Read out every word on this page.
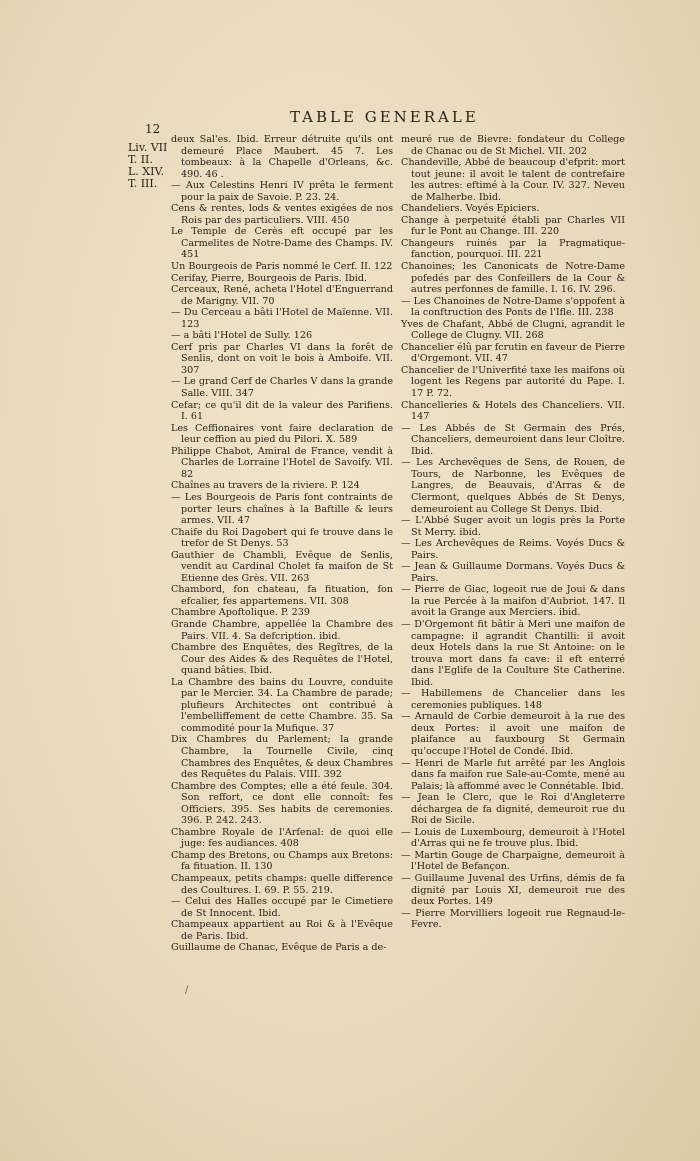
12
TABLE GENERALE
Liv. VII
T. II.
L. XIV.
T. III.

deux Sal'es. Ibid. Erreur détruite qu'ils ont demeuré Place Maubert. 45 7. Les tombeaux: à la Chapelle d'Orleans, &c. 490. 46 .

— Aux Celestins Henri IV prêta le ferment pour la paix de Savoie. P. 23. 24.

Cens & rentes, lods & ventes exigées de nos Rois par des particuliers. VIII. 450

Le Temple de Cerès eft occupé par les Carmelites de Notre-Dame des Champs. IV. 451

Un Bourgeois de Paris nommé le Cerf. II. 122

Cerifay, Pierre, Bourgeois de Paris. Ibid.

Cerceaux, René, acheta l'Hotel d'Enguerrand de Marigny. VII. 70

— Du Cerceau a bâti l'Hotel de Maïenne. VII. 123

— a bâti l'Hotel de Sully. 126

Cerf pris par Charles VI dans la forêt de Senlis, dont on voit le bois à Amboife. VII. 307

— Le grand Cerf de Charles V dans la grande Salle. VIII. 347

Cefar; ce qu'il dit de la valeur des Parifiens. I. 61

Les Ceffionaires vont faire declaration de leur ceffion au pied du Pilori. X. 589

Philippe Chabot, Amiral de France, vendit à Charles de Lorraine l'Hotel de Savoify. VII. 82

Chaînes au travers de la riviere. P. 124

— Les Bourgeois de Paris font contraints de porter leurs chaînes à la Baftille & leurs armes. VII. 47

Chaife du Roi Dagobert qui fe trouve dans le trefor de St Denys. 53

Gauthier de Chambli, Evêque de Senlis, vendit au Cardinal Cholet fa maifon de St Etienne des Grès. VII. 263

Chambord, fon chateau, fa fituation, fon efcalier, fes appartemens. VII. 308

Chambre Apoftolique. P. 239

Grande Chambre, appellée la Chambre des Pairs. VII. 4. Sa defcription. ibid.

Chambre des Enquêtes, des Regîtres, de la Cour des Aides & des Requêtes de l'Hotel, quand bâties. Ibid.

La Chambre des bains du Louvre, conduite par le Mercier. 34. La Chambre de parade; plufieurs Architectes ont contribué à l'embelliffement de cette Chambre. 35. Sa commodité pour la Mufique. 37

Dix Chambres du Parlement; la grande Chambre, la Tournelle Civile, cinq Chambres des Enquêtes, & deux Chambres des Requêtes du Palais. VIII. 392

Chambre des Comptes; elle a été feule. 304. Son reffort, ce dont elle connoît: fes Officiers. 395. Ses habits de ceremonies. 396. P. 242. 243.

Chambre Royale de l'Arfenal: de quoi elle juge: fes audiances. 408

Champ des Bretons, ou Champs aux Bretons: fa fituation. II. 130

Champeaux, petits champs: quelle difference des Coultures. I. 69. P. 55. 219.

— Celui des Halles occupé par le Cimetiere de St Innocent. Ibid.

Champeaux appartient au Roi & à l'Evêque de Paris. Ibid.

Guillaume de Chanac, Evêque de Paris a de-

meuré rue de Bievre: fondateur du College de Chanac ou de St Michel. VII. 202

Chandeville, Abbé de beaucoup d'efprit: mort tout jeune: il avoit le talent de contrefaire les autres: eftimé à la Cour. IV. 327. Neveu de Malherbe. Ibid.

Chandeliers. Voyés Epiciers.

Change à perpetuité établi par Charles VII fur le Pont au Change. III. 220

Changeurs ruinés par la Pragmatique-fanction, pourquoi. III. 221

Chanoines; les Canonicats de Notre-Dame pofedés par des Confeillers de la Cour & autres perfonnes de famille. I. 16. IV. 296.

— Les Chanoines de Notre-Dame s'oppofent à la conftruction des Ponts de l'Ifle. III. 238

Yves de Chafant, Abbé de Clugni, agrandit le College de Clugny. VII. 268

Chancelier élû par fcrutin en faveur de Pierre d'Orgemont. VII. 47

Chancelier de l'Univerfité taxe les maifons où logent les Regens par autorité du Pape. I. 17 P. 72.

Chancelleries & Hotels des Chanceliers. VII. 147

— Les Abbés de St Germain des Prés, Chanceliers, demeuroient dans leur Cloître. Ibid.

— Les Archevêques de Sens, de Rouen, de Tours, de Narbonne, les Evêques de Langres, de Beauvais, d'Arras & de Clermont, quelques Abbés de St Denys, demeuroient au College St Denys. Ibid.

— L'Abbé Suger avoit un logis près la Porte St Merry. ibid.

— Les Archevêques de Reims. Voyés Ducs & Pairs.

— Jean & Guillaume Dormans. Voyés Ducs & Pairs.

— Pierre de Giac, logeoit rue de Joui & dans la rue Percée à la maifon d'Aubriot. 147. Il avoit la Grange aux Merciers. ibid.

— D'Orgemont fit bâtir à Meri une maifon de campagne: il agrandit Chantilli: il avoit deux Hotels dans la rue St Antoine: on le trouva mort dans fa cave: il eft enterré dans l'Eglife de la Coulture Ste Catherine. Ibid.

— Habillemens de Chancelier dans les ceremonies publiques. 148

— Arnauld de Corbie demeuroit à la rue des deux Portes: il avoit une maifon de plaifance au fauxbourg St Germain qu'occupe l'Hotel de Condé. Ibid.

— Henri de Marle fut arrêté par les Anglois dans fa maifon rue Sale-au-Comte, mené au Palais; là affommé avec le Connétable. Ibid.

— Jean le Clerc, que le Roi d'Angleterre déchargea de fa dignité, demeuroit rue du Roi de Sicile.

— Louis de Luxembourg, demeuroit à l'Hotel d'Arras qui ne fe trouve plus. Ibid.

— Martin Gouge de Charpaigne, demeuroit à l'Hotel de Befançon.

— Guillaume Juvenal des Urfins, démis de fa dignité par Louis XI, demeuroit rue des deux Portes. 149

— Pierre Morvilliers logeoit rue Regnaud-le-Fevre.

/
